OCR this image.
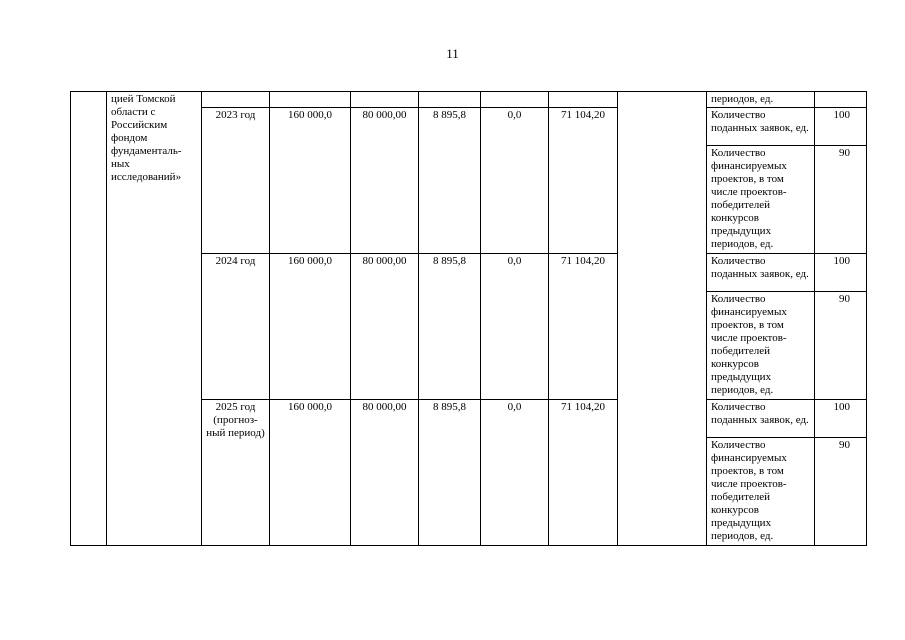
11
	цией Томской области с Российским фондом фундаменталь-ных исследований»								периодов, ед.	
		2023 год	160 000,0	80 000,00	8 895,8	0,0	71 104,20		Количество поданных заявок, ед.	100
									Количество финансируемых проектов, в том числе проектов-победителей конкурсов предыдущих периодов, ед.	90
		2024 год	160 000,0	80 000,00	8 895,8	0,0	71 104,20		Количество поданных заявок, ед.	100
									Количество финансируемых проектов, в том числе проектов-победителей конкурсов предыдущих периодов, ед.	90
		2025 год (прогноз-ный период)	160 000,0	80 000,00	8 895,8	0,0	71 104,20		Количество поданных заявок, ед.	100
									Количество финансируемых проектов, в том числе проектов-победителей конкурсов предыдущих периодов, ед.	90
